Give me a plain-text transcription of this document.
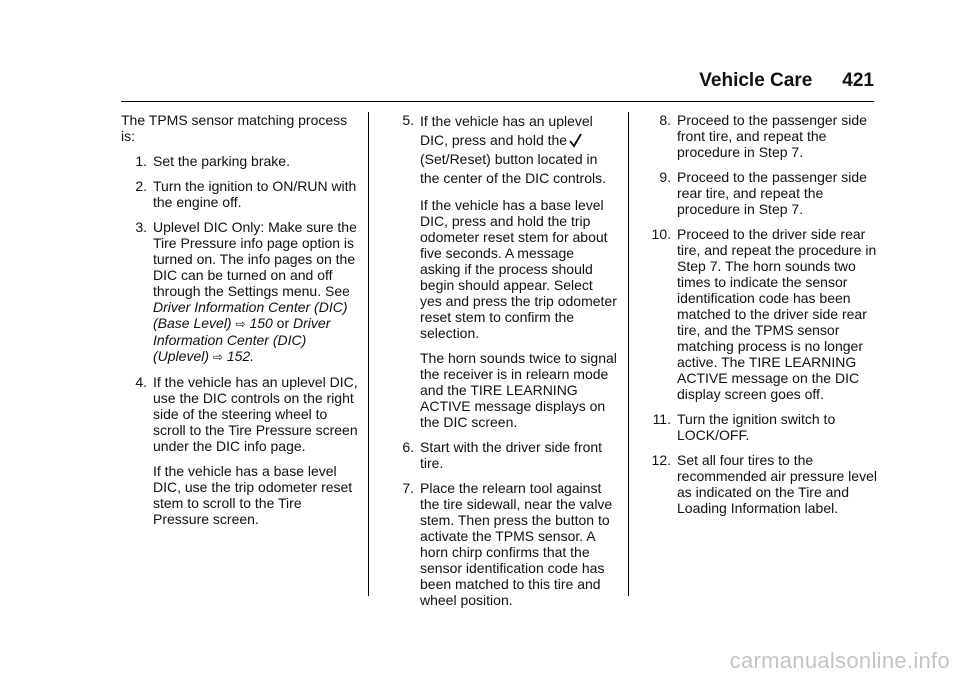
Vehicle Care 421

The TPMS sensor matching process is:

1. Set the parking brake.
2. Turn the ignition to ON/RUN with the engine off.
3. Uplevel DIC Only: Make sure the Tire Pressure info page option is turned on. The info pages on the DIC can be turned on and off through the Settings menu. See Driver Information Center (DIC) (Base Level) ⇨ 150 or Driver Information Center (DIC) (Uplevel) ⇨ 152.
4. If the vehicle has an uplevel DIC, use the DIC controls on the right side of the steering wheel to scroll to the Tire Pressure screen under the DIC info page.

If the vehicle has a base level DIC, use the trip odometer reset stem to scroll to the Tire Pressure screen.

5. If the vehicle has an uplevel DIC, press and hold the (Set/Reset) button located in the center of the DIC controls.

If the vehicle has a base level DIC, press and hold the trip odometer reset stem for about five seconds. A message asking if the process should begin should appear. Select yes and press the trip odometer reset stem to confirm the selection.

The horn sounds twice to signal the receiver is in relearn mode and the TIRE LEARNING ACTIVE message displays on the DIC screen.

6. Start with the driver side front tire.
7. Place the relearn tool against the tire sidewall, near the valve stem. Then press the button to activate the TPMS sensor. A horn chirp confirms that the sensor identification code has been matched to this tire and wheel position.
8. Proceed to the passenger side front tire, and repeat the procedure in Step 7.
9. Proceed to the passenger side rear tire, and repeat the procedure in Step 7.
10. Proceed to the driver side rear tire, and repeat the procedure in Step 7. The horn sounds two times to indicate the sensor identification code has been matched to the driver side rear tire, and the TPMS sensor matching process is no longer active. The TIRE LEARNING ACTIVE message on the DIC display screen goes off.
11. Turn the ignition switch to LOCK/OFF.
12. Set all four tires to the recommended air pressure level as indicated on the Tire and Loading Information label.
carmanualsonline.info
